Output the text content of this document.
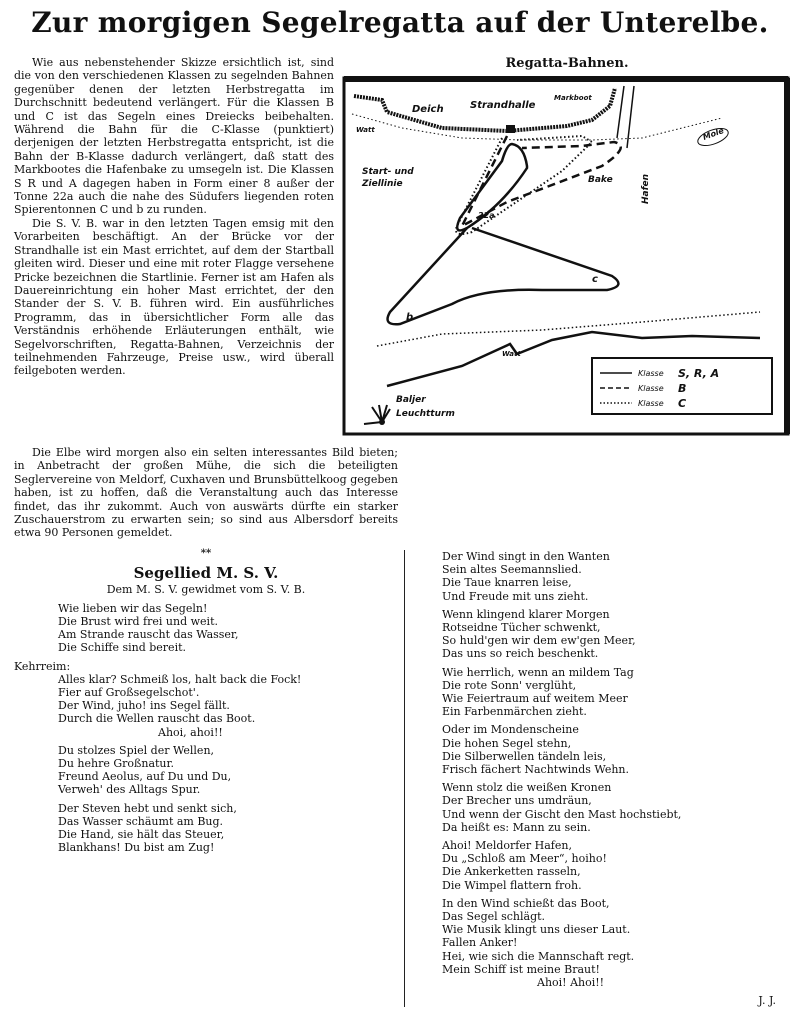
Zur morgigen Segelregatta auf der Unterelbe.

Wie aus nebenstehender Skizze ersichtlich ist, sind die von den verschiedenen Klassen zu segelnden Bahnen gegenüber denen der letzten Herbstregatta im Durchschnitt bedeutend verlängert. Für die Klassen B und C ist das Segeln eines Dreiecks beibehalten. Während die Bahn für die C-Klasse (punktiert) derjenigen der letzten Herbstregatta entspricht, ist die Bahn der B-Klasse dadurch verlängert, daß statt des Markbootes die Hafenbake zu umsegeln ist. Die Klassen S R und A dagegen haben in Form einer 8 außer der Tonne 22a auch die nahe des Südufers liegenden roten Spierentonnen C und b zu runden.

Die S. V. B. war in den letzten Tagen emsig mit den Vorarbeiten beschäftigt. An der Brücke vor der Strandhalle ist ein Mast errichtet, auf dem der Startball gleiten wird. Dieser und eine mit roter Flagge versehene Pricke bezeichnen die Startlinie. Ferner ist am Hafen als Dauereinrichtung ein hoher Mast errichtet, der den Stander der S. V. B. führen wird. Ein ausführliches Programm, das in übersichtlicher Form alle das Verständnis erhöhende Erläuterungen enthält, wie Segelvorschriften, Regatta-Bahnen, Verzeichnis der teilnehmenden Fahrzeuge, Preise usw., wird überall feilgeboten werden.

Regatta-Bahnen.
Deich
Watt
Strandhalle
Markboot
Mole
Bake	Hafen
Start- und
Ziellinie
22a
c
b
Watt
Baljer
Leuchtturm
Klasse S, R, A
Klasse B
Klasse C

Die Elbe wird morgen also ein selten interessantes Bild bieten; in Anbetracht der großen Mühe, die sich die beteiligten Seglervereine von Meldorf, Cuxhaven und Brunsbüttelkoog gegeben haben, ist zu hoffen, daß die Veranstaltung auch das Interesse findet, das ihr zukommt. Auch von auswärts dürfte ein starker Zuschauerstrom zu erwarten sein; so sind aus Albersdorf bereits etwa 90 Personen gemeldet.

**
Segellied M. S. V.
Dem M. S. V. gewidmet vom S. V. B.
Wie lieben wir das Segeln!
Die Brust wird frei und weit.
Am Strande rauscht das Wasser,
Die Schiffe sind bereit.
Kehrreim:
Alles klar? Schmeiß los, halt back die Fock!
Fier auf Großsegelschot'.
Der Wind, juho! ins Segel fällt.
Durch die Wellen rauscht das Boot.
Ahoi, ahoi!!
Du stolzes Spiel der Wellen,
Du hehre Großnatur.
Freund Aeolus, auf Du und Du,
Verweh' des Alltags Spur.
Der Steven hebt und senkt sich,
Das Wasser schäumt am Bug.
Die Hand, sie hält das Steuer,
Blankhans! Du bist am Zug!
Der Wind singt in den Wanten
Sein altes Seemannslied.
Die Taue knarren leise,
Und Freude mit uns zieht.
Wenn klingend klarer Morgen
Rotseidne Tücher schwenkt,
So huld'gen wir dem ew'gen Meer,
Das uns so reich beschenkt.
Wie herrlich, wenn an mildem Tag
Die rote Sonn' verglüht,
Wie Feiertraum auf weitem Meer
Ein Farbenmärchen zieht.
Oder im Mondenscheine
Die hohen Segel stehn,
Die Silberwellen tändeln leis,
Frisch fächert Nachtwinds Wehn.
Wenn stolz die weißen Kronen
Der Brecher uns umdräun,
Und wenn der Gischt den Mast hochstiebt,
Da heißt es: Mann zu sein.
Ahoi! Meldorfer Hafen,
Du „Schloß am Meer“, hoiho!
Die Ankerketten rasseln,
Die Wimpel flattern froh.
In den Wind schießt das Boot,
Das Segel schlägt.
Wie Musik klingt uns dieser Laut.
Fallen Anker!
Hei, wie sich die Mannschaft regt.
Mein Schiff ist meine Braut!
Ahoi! Ahoi!!
J. J.
